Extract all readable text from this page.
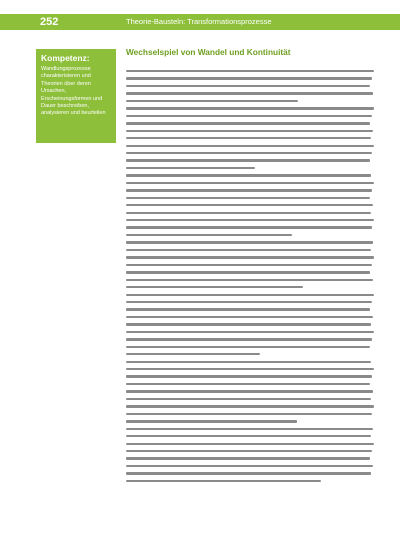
252	Theorie-Bausteln: Transformationsprozesse
Kompetenz:
Wandlungsprozesse charakterisieren und Theorien über deren Ursachen, Erscheinungsformen und Dauer beschreiben, analysieren und beurteilen
Wechselspiel von Wandel und Kontinuität
